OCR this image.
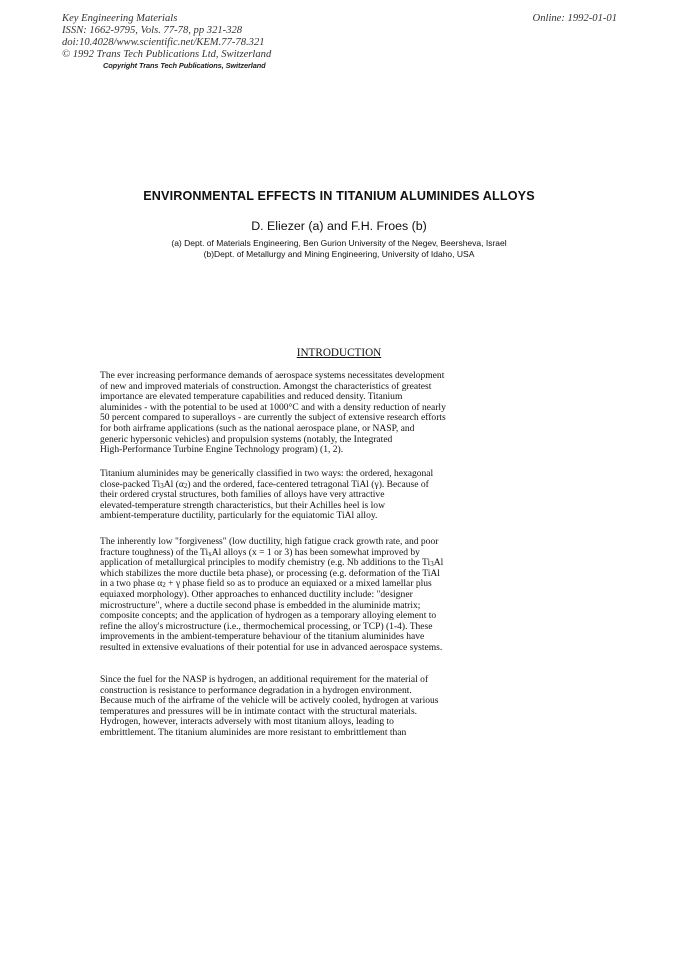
Key Engineering Materials
ISSN: 1662-9795, Vols. 77-78, pp 321-328
doi:10.4028/www.scientific.net/KEM.77-78.321
© 1992 Trans Tech Publications Ltd, Switzerland
Copyright Trans Tech Publications, Switzerland
Online: 1992-01-01
ENVIRONMENTAL EFFECTS IN TITANIUM ALUMINIDES ALLOYS
D. Eliezer (a) and F.H. Froes (b)
(a) Dept. of Materials Engineering, Ben Gurion University of the Negev, Beersheva, Israel
(b)Dept. of Metallurgy and Mining Engineering, University of Idaho, USA
INTRODUCTION
The ever increasing performance demands of aerospace systems necessitates development
of new and improved materials of construction. Amongst the characteristics of greatest
importance are elevated temperature capabilities and reduced density. Titanium
aluminides - with the potential to be used at 1000°C and with a density reduction of nearly
50 percent compared to superalloys - are currently the subject of extensive research efforts
for both airframe applications (such as the national aerospace plane, or NASP, and
generic hypersonic vehicles) and propulsion systems (notably, the Integrated
High-Performance Turbine Engine Technology program) (1, 2).
Titanium aluminides may be generically classified in two ways: the ordered, hexagonal
close-packed $Ti_3Al$ $(\alpha_2)$ and the ordered, face-centered tetragonal TiAl (γ). Because of
their ordered crystal structures, both families of alloys have very attractive
elevated-temperature strength characteristics, but their Achilles heel is low
ambient-temperature ductility, particularly for the equiatomic TiAl alloy.
The inherently low "forgiveness" (low ductility, high fatigue crack growth rate, and poor
fracture toughness) of the $Ti_xAl$ alloys (x = 1 or 3) has been somewhat improved by
application of metallurgical principles to modify chemistry (e.g. Nb additions to the $Ti_3Al$
which stabilizes the more ductile beta phase), or processing (e.g. deformation of the TiAl
in a two phase $\alpha_2 + \gamma$ phase field so as to produce an equiaxed or a mixed lamellar plus
equiaxed morphology). Other approaches to enhanced ductility include: "designer
microstructure", where a ductile second phase is embedded in the aluminide matrix;
composite concepts; and the application of hydrogen as a temporary alloying element to
refine the alloy's microstructure (i.e., thermochemical processing, or TCP) (1-4). These
improvements in the ambient-temperature behaviour of the titanium aluminides have
resulted in extensive evaluations of their potential for use in advanced aerospace systems.
Since the fuel for the NASP is hydrogen, an additional requirement for the material of
construction is resistance to performance degradation in a hydrogen environment.
Because much of the airframe of the vehicle will be actively cooled, hydrogen at various
temperatures and pressures will be in intimate contact with the structural materials.
Hydrogen, however, interacts adversely with most titanium alloys, leading to
embrittlement. The titanium aluminides are more resistant to embrittlement than
